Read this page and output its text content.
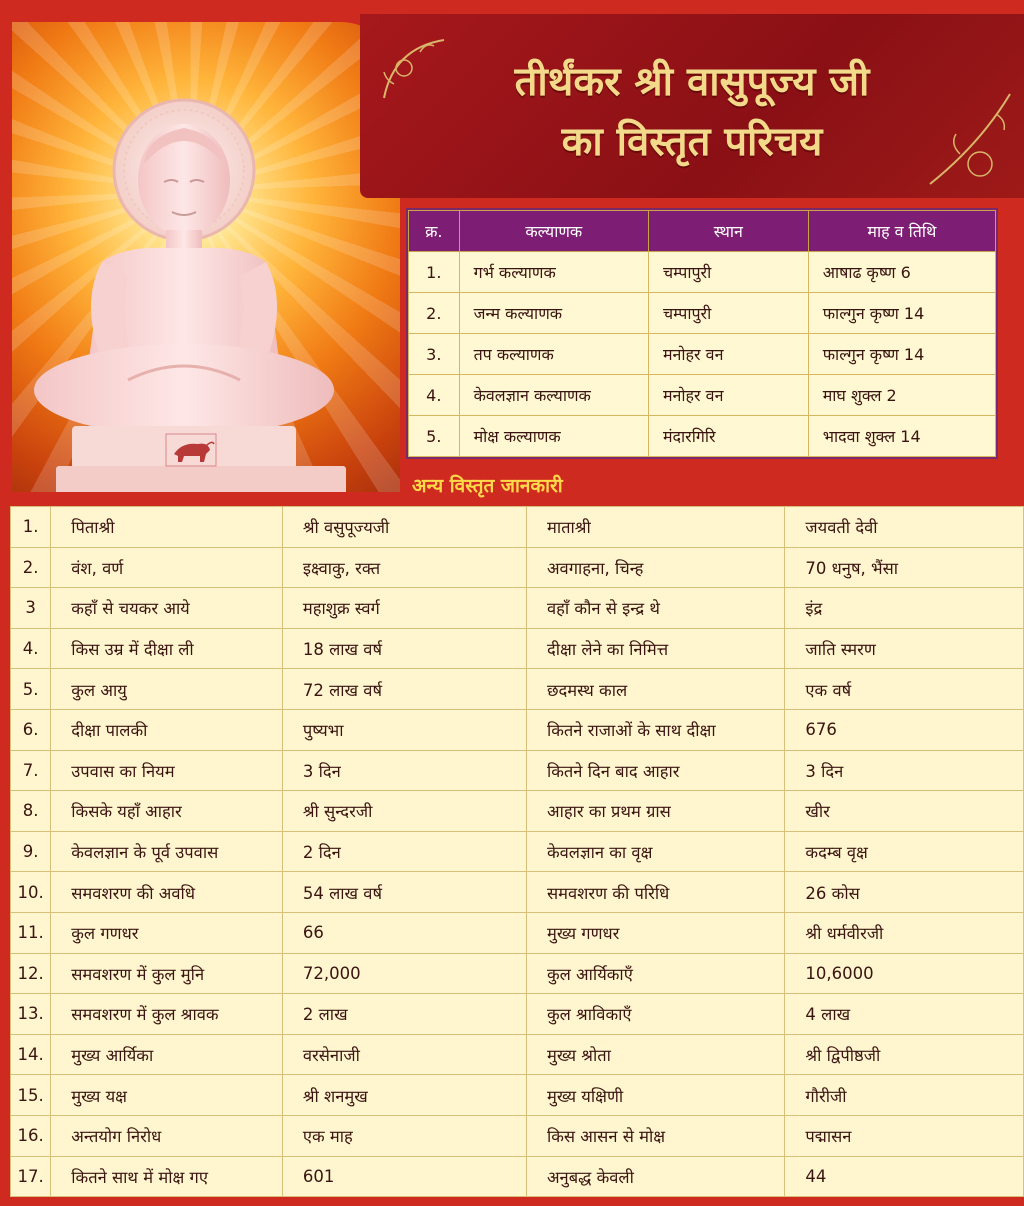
तीर्थंकर श्री वासुपूज्य जी
का विस्तृत परिचय
क्र.	कल्याणक	स्थान	माह व तिथि
1.	गर्भ कल्याणक	चम्पापुरी	आषाढ कृष्ण 6
2.	जन्म कल्याणक	चम्पापुरी	फाल्गुन कृष्ण 14
3.	तप कल्याणक	मनोहर वन	फाल्गुन कृष्ण 14
4.	केवलज्ञान कल्याणक	मनोहर वन	माघ शुक्ल 2
5.	मोक्ष कल्याणक	मंदारगिरि	भादवा शुक्ल 14
अन्य विस्तृत जानकारी
1.	पिताश्री	श्री वसुपूज्यजी	माताश्री	जयवती देवी
2.	वंश, वर्ण	इक्ष्वाकु, रक्त	अवगाहना, चिन्ह	70 धनुष, भैंसा
3	कहाँ से चयकर आये	महाशुक्र स्वर्ग	वहाँ कौन से इन्द्र थे	इंद्र
4.	किस उम्र में दीक्षा ली	18 लाख वर्ष	दीक्षा लेने का निमित्त	जाति स्मरण
5.	कुल आयु	72 लाख वर्ष	छदमस्थ काल	एक वर्ष
6.	दीक्षा पालकी	पुष्यभा	कितने राजाओं के साथ दीक्षा	676
7.	उपवास का नियम	3 दिन	कितने दिन बाद आहार	3 दिन
8.	किसके यहाँ आहार	श्री सुन्दरजी	आहार का प्रथम ग्रास	खीर
9.	केवलज्ञान के पूर्व उपवास	2 दिन	केवलज्ञान का वृक्ष	कदम्ब वृक्ष
10.	समवशरण की अवधि	54 लाख वर्ष	समवशरण की परिधि	26 कोस
11.	कुल गणधर	66	मुख्य गणधर	श्री धर्मवीरजी
12.	समवशरण में कुल मुनि	72,000	कुल आर्यिकाएँ	10,6000
13.	समवशरण में कुल श्रावक	2 लाख	कुल श्राविकाएँ	4 लाख
14.	मुख्य आर्यिका	वरसेनाजी	मुख्य श्रोता	श्री द्विपीष्ठजी
15.	मुख्य यक्ष	श्री शनमुख	मुख्य यक्षिणी	गौरीजी
16.	अन्तयोग निरोध	एक माह	किस आसन से मोक्ष	पद्मासन
17.	कितने साथ में मोक्ष गए	601	अनुबद्ध केवली	44
